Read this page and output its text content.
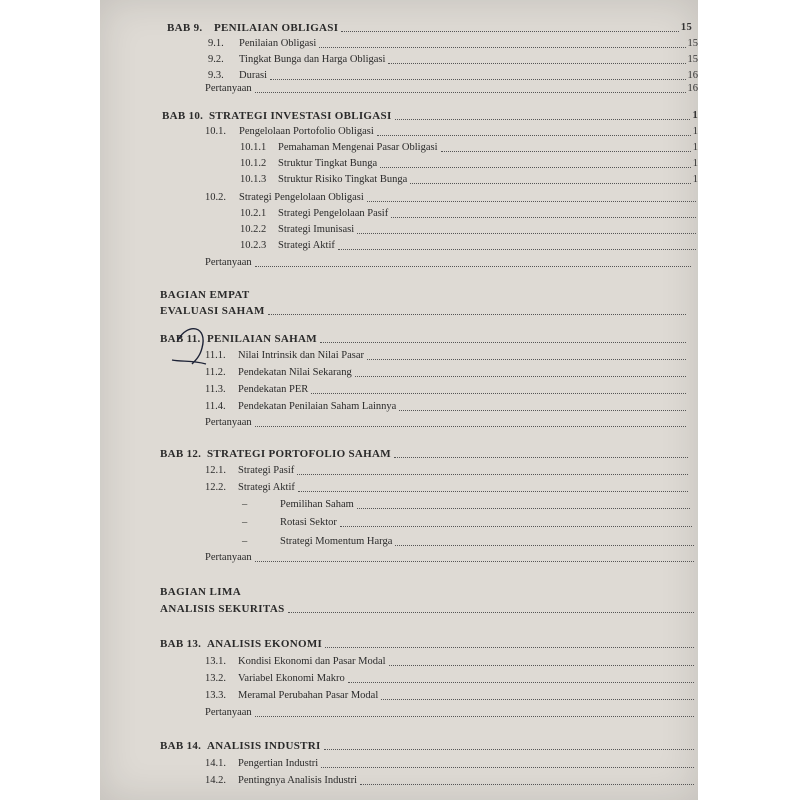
BAB 9.	PENILAIAN OBLIGASI	15
9.1.	Penilaian Obligasi	15
9.2.	Tingkat Bunga dan Harga Obligasi	15
9.3.	Durasi	16
Pertanyaan	16
BAB 10. STRATEGI INVESTASI OBLIGASI	1
10.1.	Pengelolaan Portofolio Obligasi	1
10.1.1	Pemahaman Mengenai Pasar Obligasi	1
10.1.2	Struktur Tingkat Bunga	1
10.1.3	Struktur Risiko Tingkat Bunga	1
10.2.	Strategi Pengelolaan Obligasi
10.2.1	Strategi Pengelolaan Pasif
10.2.2	Strategi Imunisasi
10.2.3	Strategi Aktif
Pertanyaan
BAGIAN EMPAT
EVALUASI SAHAM
BAB 11. PENILAIAN SAHAM
11.1.	Nilai Intrinsik dan Nilai Pasar
11.2.	Pendekatan Nilai Sekarang
11.3.	Pendekatan PER
11.4.	Pendekatan Penilaian Saham Lainnya
Pertanyaan
BAB 12. STRATEGI PORTOFOLIO SAHAM
12.1.	Strategi Pasif
12.2.	Strategi Aktif
–	Pemilihan Saham
–	Rotasi Sektor
–	Strategi Momentum Harga
Pertanyaan
BAGIAN LIMA
ANALISIS SEKURITAS
BAB 13. ANALISIS EKONOMI
13.1.	Kondisi Ekonomi dan Pasar Modal
13.2.	Variabel Ekonomi Makro
13.3.	Meramal Perubahan Pasar Modal
Pertanyaan
BAB 14. ANALISIS INDUSTRI
14.1.	Pengertian Industri
14.2.	Pentingnya Analisis Industri
